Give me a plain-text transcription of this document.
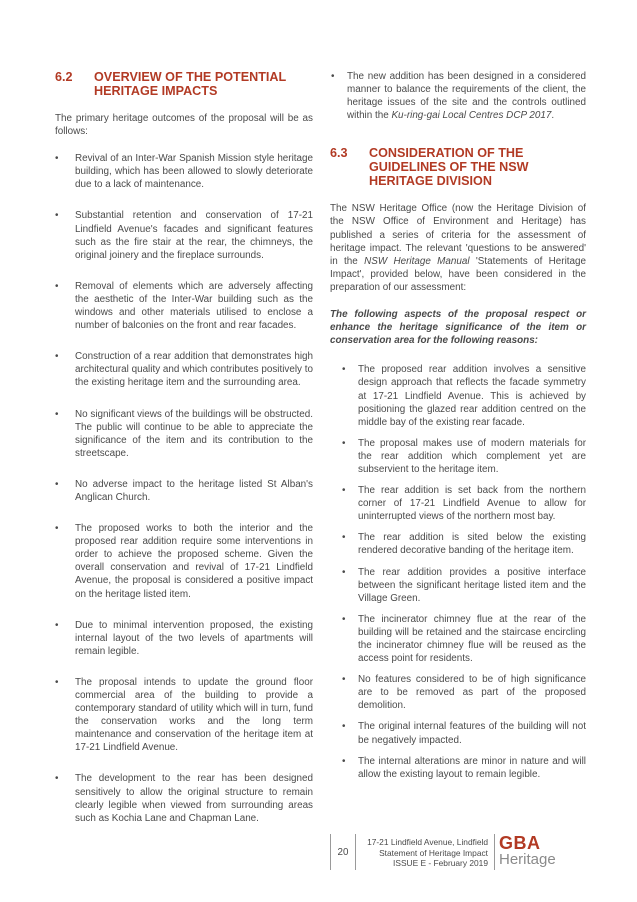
6.2	OVERVIEW OF THE POTENTIAL
HERITAGE IMPACTS

The primary heritage outcomes of the proposal will be as follows:

• Revival of an Inter-War Spanish Mission style heritage building, which has been allowed to slowly deteriorate due to a lack of maintenance.
• Substantial retention and conservation of 17-21 Lindfield Avenue's facades and significant features such as the fire stair at the rear, the chimneys, the original joinery and the fireplace surrounds.
• Removal of elements which are adversely affecting the aesthetic of the Inter-War building such as the windows and other materials utilised to enclose a number of balconies on the front and rear facades.
• Construction of a rear addition that demonstrates high architectural quality and which contributes positively to the existing heritage item and the surrounding area.
• No significant views of the buildings will be obstructed. The public will continue to be able to appreciate the significance of the item and its contribution to the streetscape.
• No adverse impact to the heritage listed St Alban's Anglican Church.
• The proposed works to both the interior and the proposed rear addition require some interventions in order to achieve the proposed scheme. Given the overall conservation and revival of 17-21 Lindfield Avenue, the proposal is considered a positive impact on the heritage listed item.
• Due to minimal intervention proposed, the existing internal layout of the two levels of apartments will remain legible.
• The proposal intends to update the ground floor commercial area of the building to provide a contemporary standard of utility which will in turn, fund the conservation works and the long term maintenance and conservation of the heritage item at 17-21 Lindfield Avenue.
• The development to the rear has been designed sensitively to allow the original structure to remain clearly legible when viewed from surrounding areas such as Kochia Lane and Chapman Lane.
• The new addition has been designed in a considered manner to balance the requirements of the client, the heritage issues of the site and the controls outlined within the Ku-ring-gai Local Centres DCP 2017.
6.3	CONSIDERATION OF THE
GUIDELINES OF THE NSW
HERITAGE DIVISION

The NSW Heritage Office (now the Heritage Division of the NSW Office of Environment and Heritage) has published a series of criteria for the assessment of heritage impact. The relevant 'questions to be answered' in the NSW Heritage Manual 'Statements of Heritage Impact', provided below, have been considered in the preparation of our assessment:

The following aspects of the proposal respect or enhance the heritage significance of the item or conservation area for the following reasons:

• The proposed rear addition involves a sensitive design approach that reflects the facade symmetry at 17-21 Lindfield Avenue. This is achieved by positioning the glazed rear addition centred on the middle bay of the existing rear facade.
• The proposal makes use of modern materials for the rear addition which complement yet are subservient to the heritage item.
• The rear addition is set back from the northern corner of 17-21 Lindfield Avenue to allow for uninterrupted views of the northern most bay.
• The rear addition is sited below the existing rendered decorative banding of the heritage item.
• The rear addition provides a positive interface between the significant heritage listed item and the Village Green.
• The incinerator chimney flue at the rear of the building will be retained and the staircase encircling the incinerator chimney flue will be reused as the access point for residents.
• No features considered to be of high significance are to be removed as part of the proposed demolition.
• The original internal features of the building will not be negatively impacted.
• The internal alterations are minor in nature and will allow the existing layout to remain legible.
20
17-21 Lindfield Avenue, Lindfield
Statement of Heritage Impact
ISSUE E - February 2019
GBA
Heritage
